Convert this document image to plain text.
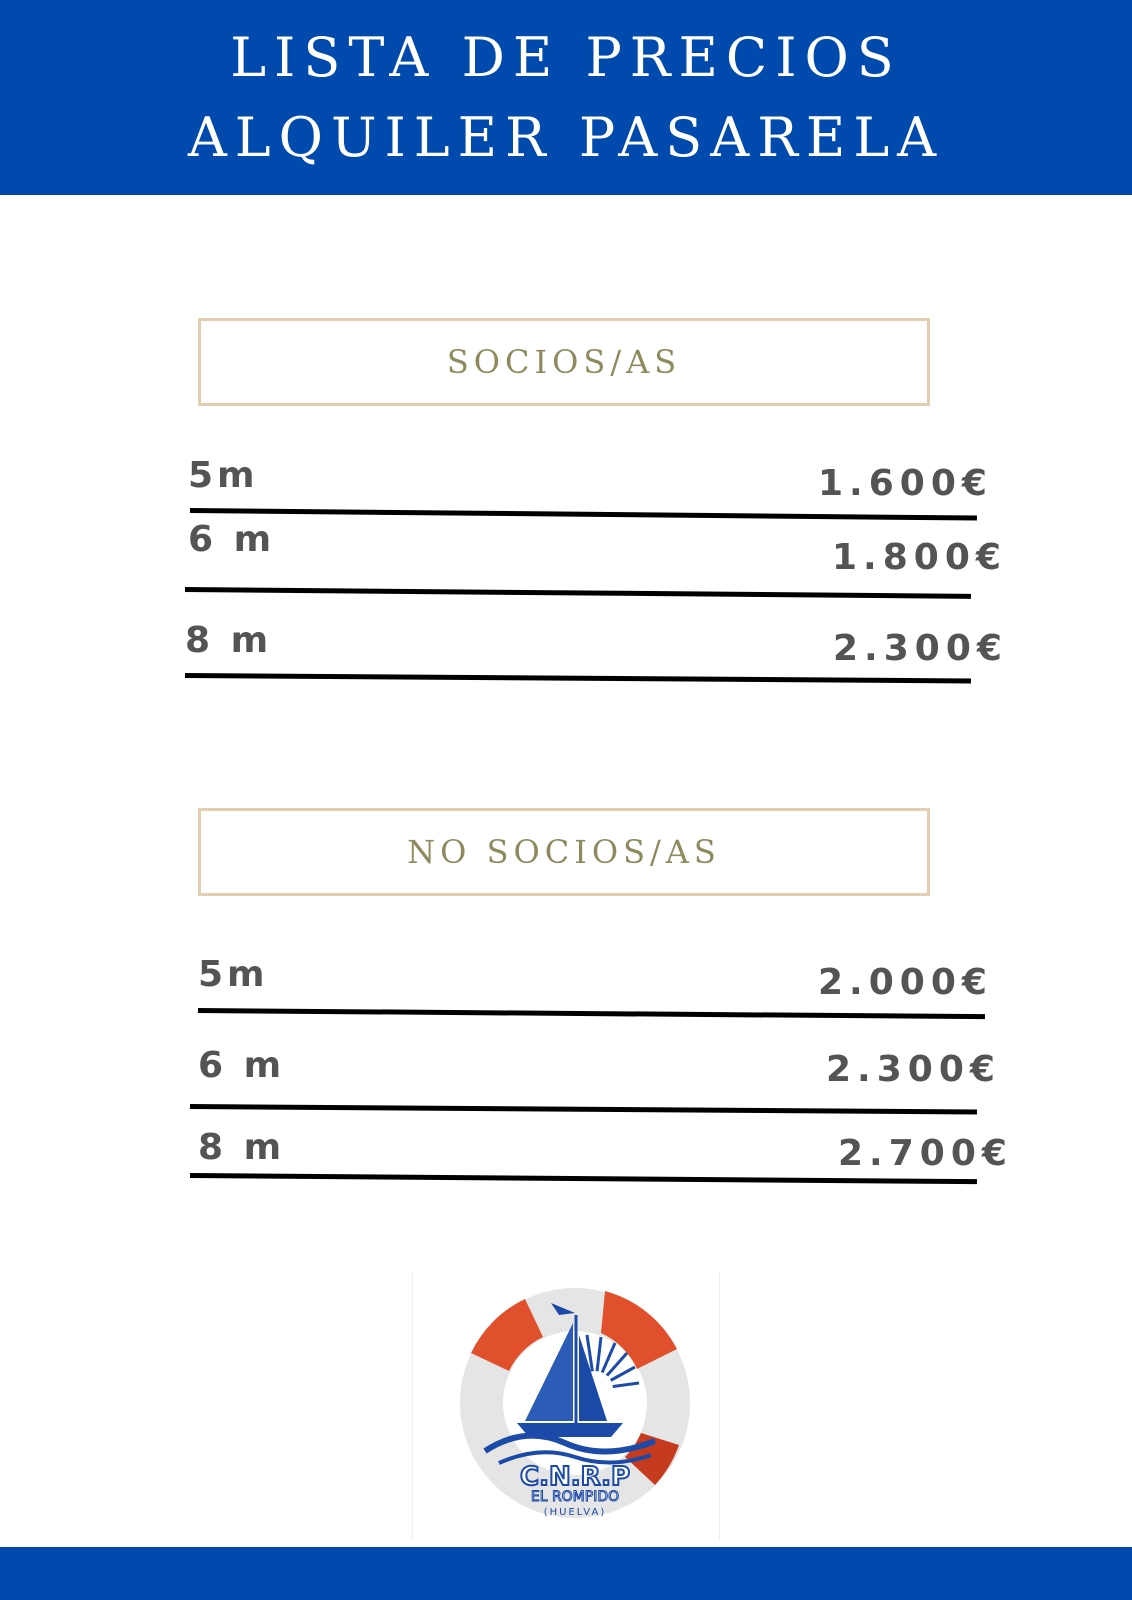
LISTA DE PRECIOS
ALQUILER PASARELA
SOCIOS/AS
5m	1.600€
6 m	1.800€
8 m	2.300€
NO SOCIOS/AS
5m	2.000€
6 m	2.300€
8 m	2.700€
C.N.R.P
EL ROMPIDO
(HUELVA)
